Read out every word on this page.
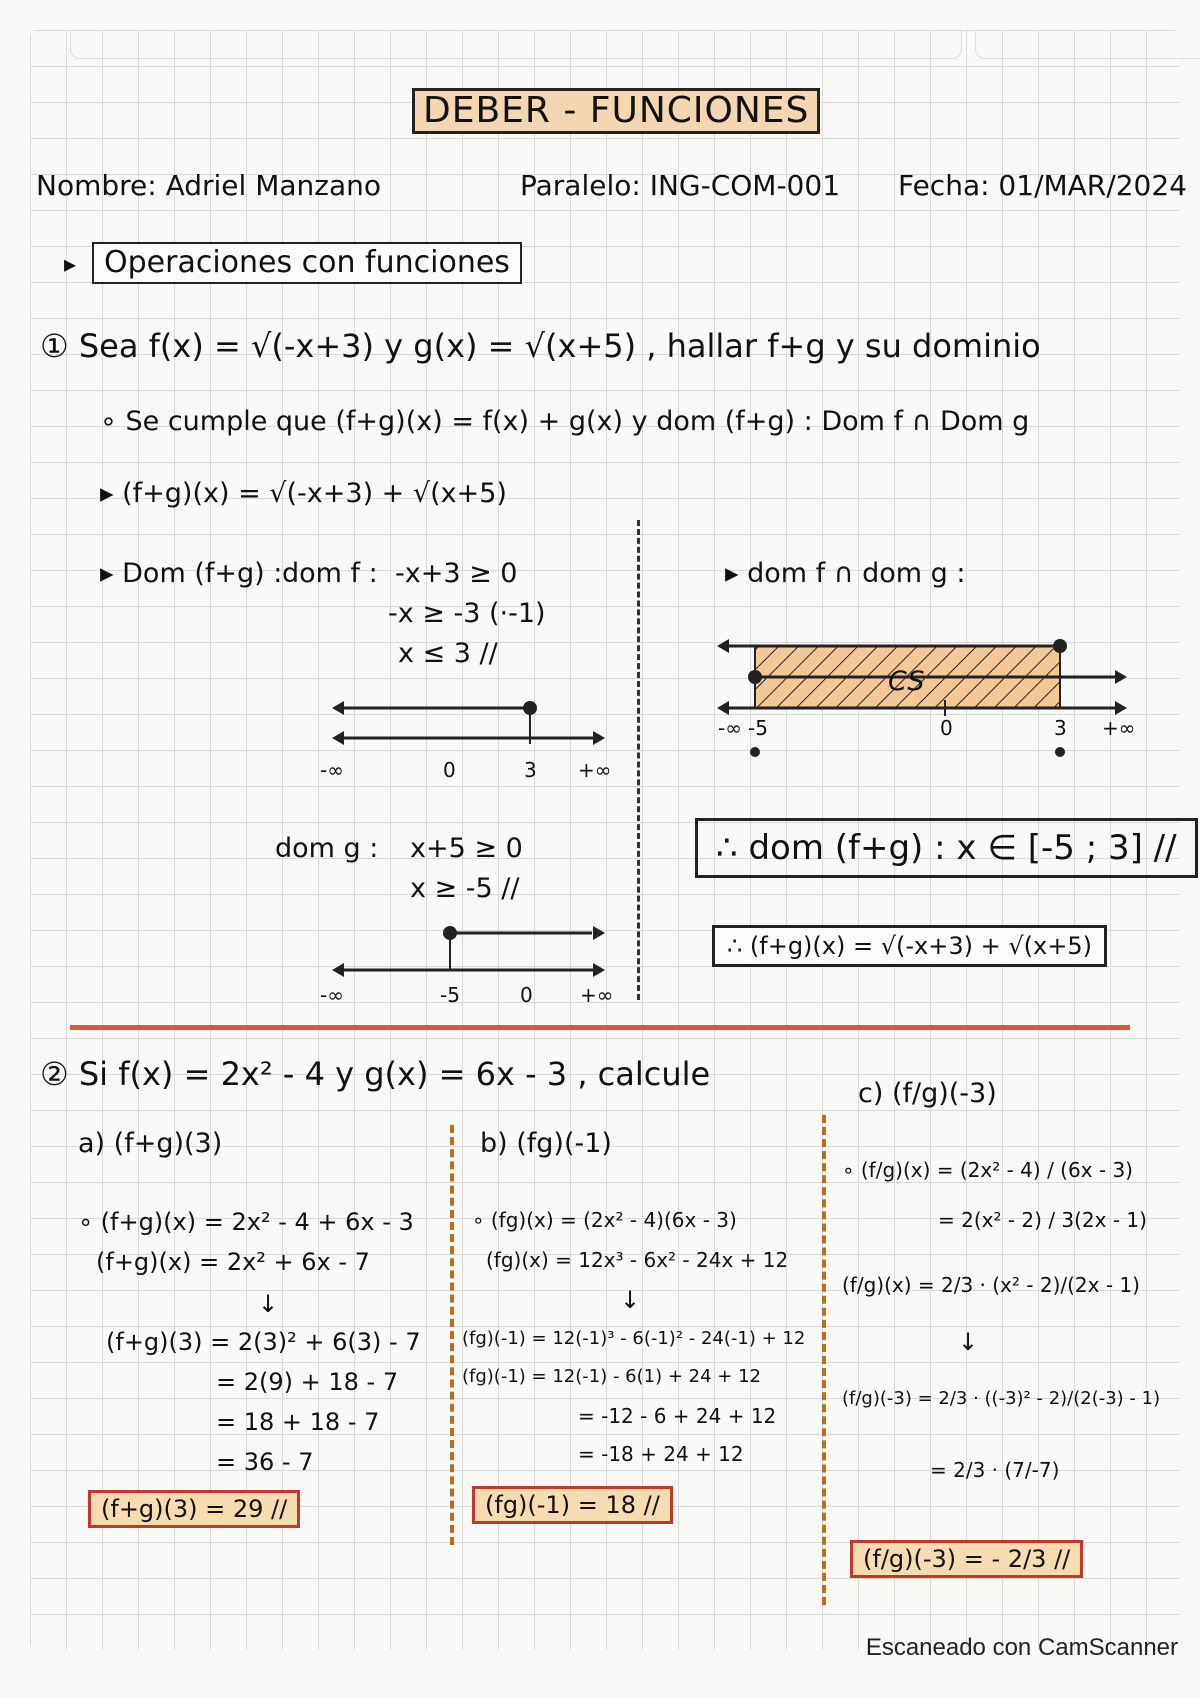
DEBER - FUNCIONES
Nombre: Adriel Manzano	Paralelo: ING-COM-001 Fecha: 01/MAR/2024
▸ Operaciones con funciones
① Sea f(x) = √(-x+3) y g(x) = √(x+5) , hallar f+g y su dominio
∘ Se cumple que (f+g)(x) = f(x) + g(x) y dom (f+g) : Dom f ∩ Dom g
▸ (f+g)(x) = √(-x+3) + √(x+5)
▸ Dom (f+g) : dom f : -x+3 ≥ 0
-x ≥ -3 (·-1)
x ≤ 3 //
-∞	0	3 +∞
dom g : x+5 ≥ 0
x ≥ -5 //
-∞	-5	0 +∞
▸ dom f ∩ dom g :
CS
-∞ -5	0	3 +∞
∴ dom (f+g) : x ∈ [-5 ; 3] //
∴ (f+g)(x) = √(-x+3) + √(x+5)
② Si f(x) = 2x² - 4 y g(x) = 6x - 3 , calcule
a) (f+g)(3)
∘ (f+g)(x) = 2x² - 4 + 6x - 3
(f+g)(x) = 2x² + 6x - 7
↓
(f+g)(3) = 2(3)² + 6(3) - 7
= 2(9) + 18 - 7
= 18 + 18 - 7
= 36 - 7
(f+g)(3) = 29 //
b) (fg)(-1)
∘ (fg)(x) = (2x² - 4)(6x - 3)
(fg)(x) = 12x³ - 6x² - 24x + 12
↓
(fg)(-1) = 12(-1)³ - 6(-1)² - 24(-1) + 12
(fg)(-1) = 12(-1) - 6(1) + 24 + 12
= -12 - 6 + 24 + 12
= -18 + 24 + 12
(fg)(-1) = 18 //
c) (f/g)(-3)
∘ (f/g)(x) = (2x² - 4) / (6x - 3)
= 2(x² - 2) / 3(2x - 1)
(f/g)(x) = 2/3 · (x² - 2)/(2x - 1)
↓
(f/g)(-3) = 2/3 · ((-3)² - 2)/(2(-3) - 1)
= 2/3 · (7/-7)
(f/g)(-3) = - 2/3 //
Escaneado con CamScanner
